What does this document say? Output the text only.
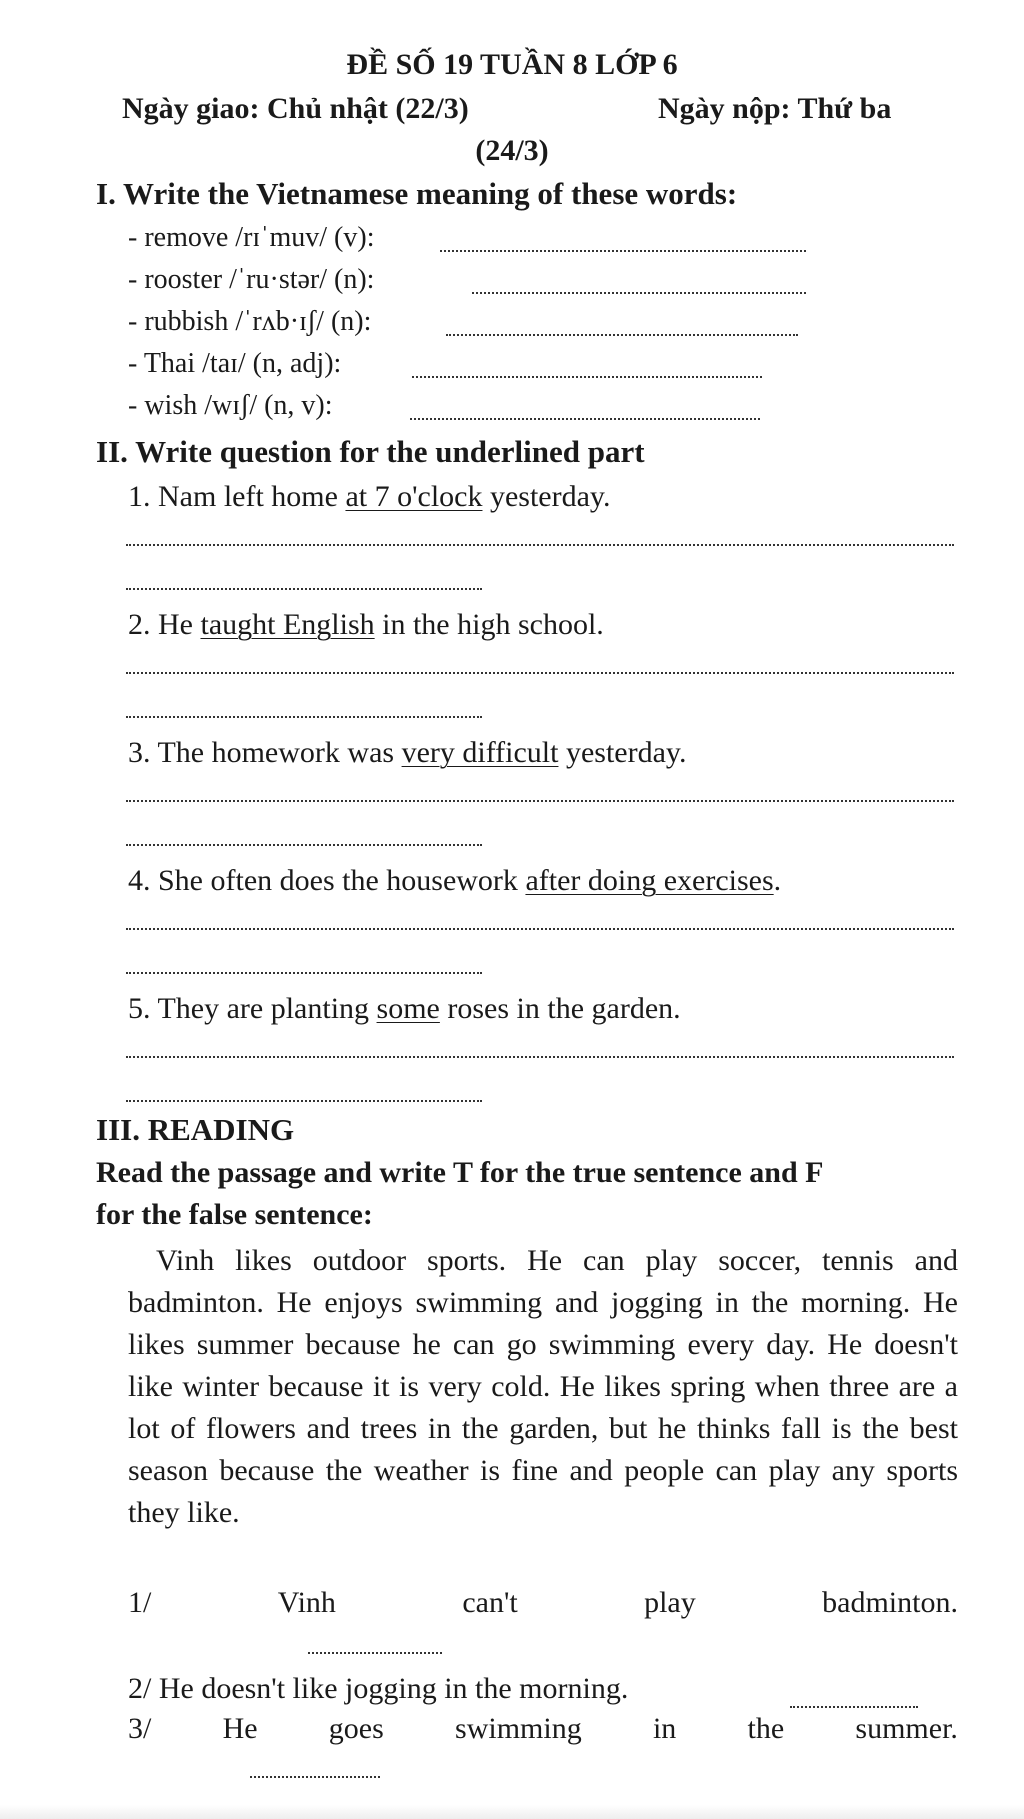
ĐỀ SỐ 19 TUẦN 8 LỚP 6
Ngày giao: Chủ nhật (22/3)	Ngày nộp: Thứ ba
(24/3)
I. Write the Vietnamese meaning of these words:
- remove /rɪˈmuv/ (v):
- rooster /ˈru·stər/ (n):
- rubbish /ˈrʌb·ɪʃ/ (n):
- Thai /taɪ/ (n, adj):
- wish /wɪʃ/ (n, v):
II. Write question for the underlined part
1. Nam left home at 7 o'clock yesterday.
2. He taught English in the high school.
3. The homework was very difficult yesterday.
4. She often does the housework after doing exercises.
5. They are planting some roses in the garden.
III. READING
Read the passage and write T for the true sentence and F
for the false sentence:
Vinh likes outdoor sports. He can play soccer, tennis and badminton. He enjoys swimming and jogging in the morning. He likes summer because he can go swimming every day. He doesn't like winter because it is very cold. He likes spring when three are a lot of flowers and trees in the garden, but he thinks fall is the best season because the weather is fine and people can play any sports they like.
1/	Vinh	can't	play	badminton.
2/ He doesn't like jogging in the morning.
3/ He goes swimming in the summer.
